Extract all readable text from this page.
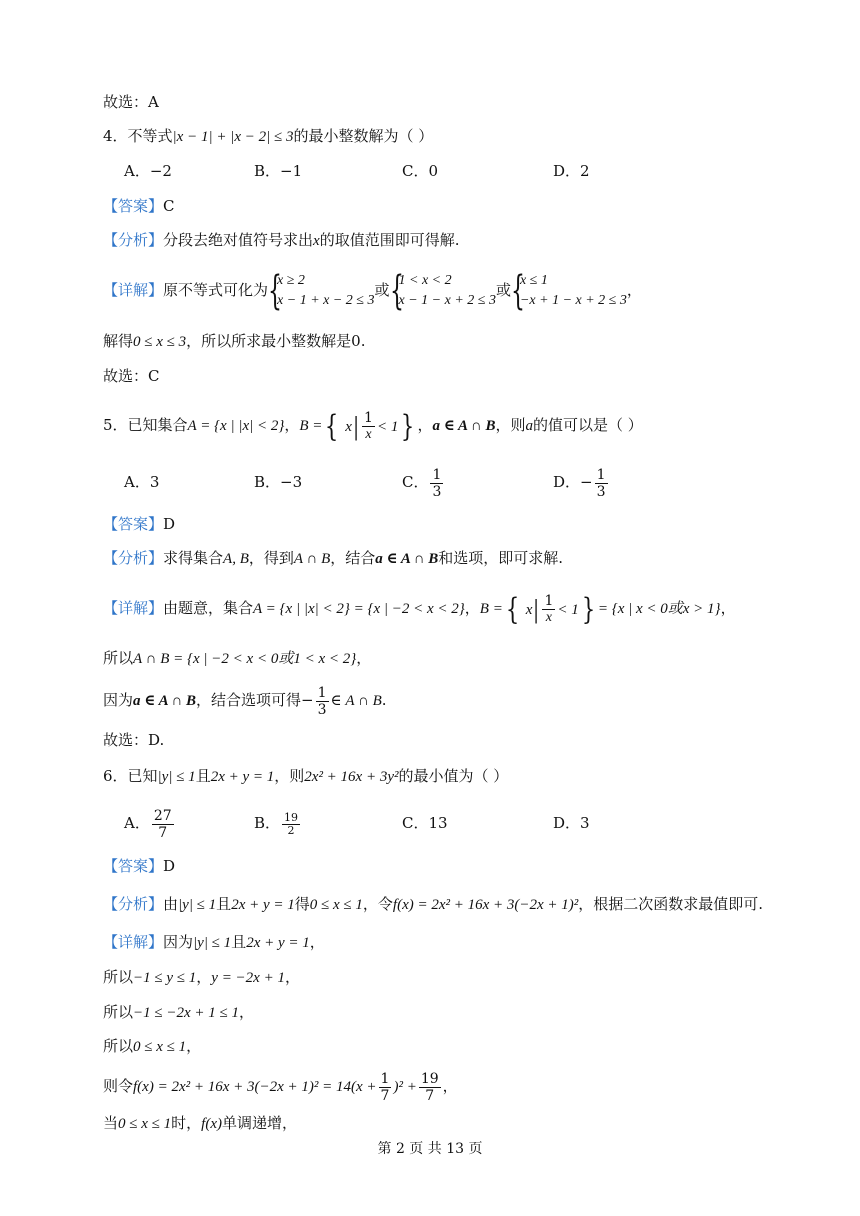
故选：A
4．不等式|x − 1| + |x − 2| ≤ 3的最小整数解为（ ）
A．−2	B．−1	C．0	D．2
【答案】C
【分析】分段去绝对值符号求出x的取值范围即可得解.
【详解】原不等式可化为 {
x ≥ 2
x − 1 + x − 2 ≤ 3
或 {
1 < x < 2
x − 1 − x + 2 ≤ 3
或 {
x ≤ 1
−x + 1 − x + 2 ≤ 3
，
解得0 ≤ x ≤ 3，所以所求最小整数解是0.
故选：C
5．已知集合A = {x | |x| < 2}，B ={ $x| \frac{1}{x} < 1$} ，a ∈ A ∩ B，则a的值可以是（ ）
A．3	B．−3	C． $\frac{1}{3}$	D．− $\frac{1}{3}$
【答案】D
【分析】求得集合A, B，得到A ∩ B，结合a ∈ A ∩ B和选项，即可求解.
【详解】由题意，集合A = {x | |x| < 2} = {x | −2 < x < 2}，B ={ $x| \frac{1}{x} < 1\} = \{x$ | x < 0或x > 1}，
所以A ∩ B = {x | −2 < x < 0或1 < x < 2}，
因为a ∈ A ∩ B，结合选项可得− $\frac{1}{3}$ ∈ A ∩ B.
故选：D.
6．已知|y| ≤ 1且2x + y = 1，则2x² + 16x + 3y²的最小值为（ ）
A． $\frac{27}{7}$	B． $\frac{19}{2}$	C．13	D．3
【答案】D
【分析】由|y| ≤ 1且2x + y = 1得0 ≤ x ≤ 1，令f(x) = 2x² + 16x + 3(−2x + 1)²，根据二次函数求最值即可.
【详解】因为|y| ≤ 1且2x + y = 1，
所以−1 ≤ y ≤ 1，y = −2x + 1，
所以−1 ≤ −2x + 1 ≤ 1，
所以0 ≤ x ≤ 1，
则令$f(x) = 2x^2 + 16x + 3(-2x + 1)^2 = 14(x + \frac{1}{7} )^2 + \frac{19}{7}$ ，
当0 ≤ x ≤ 1时，f(x)单调递增，
第 2 页 共 13 页
